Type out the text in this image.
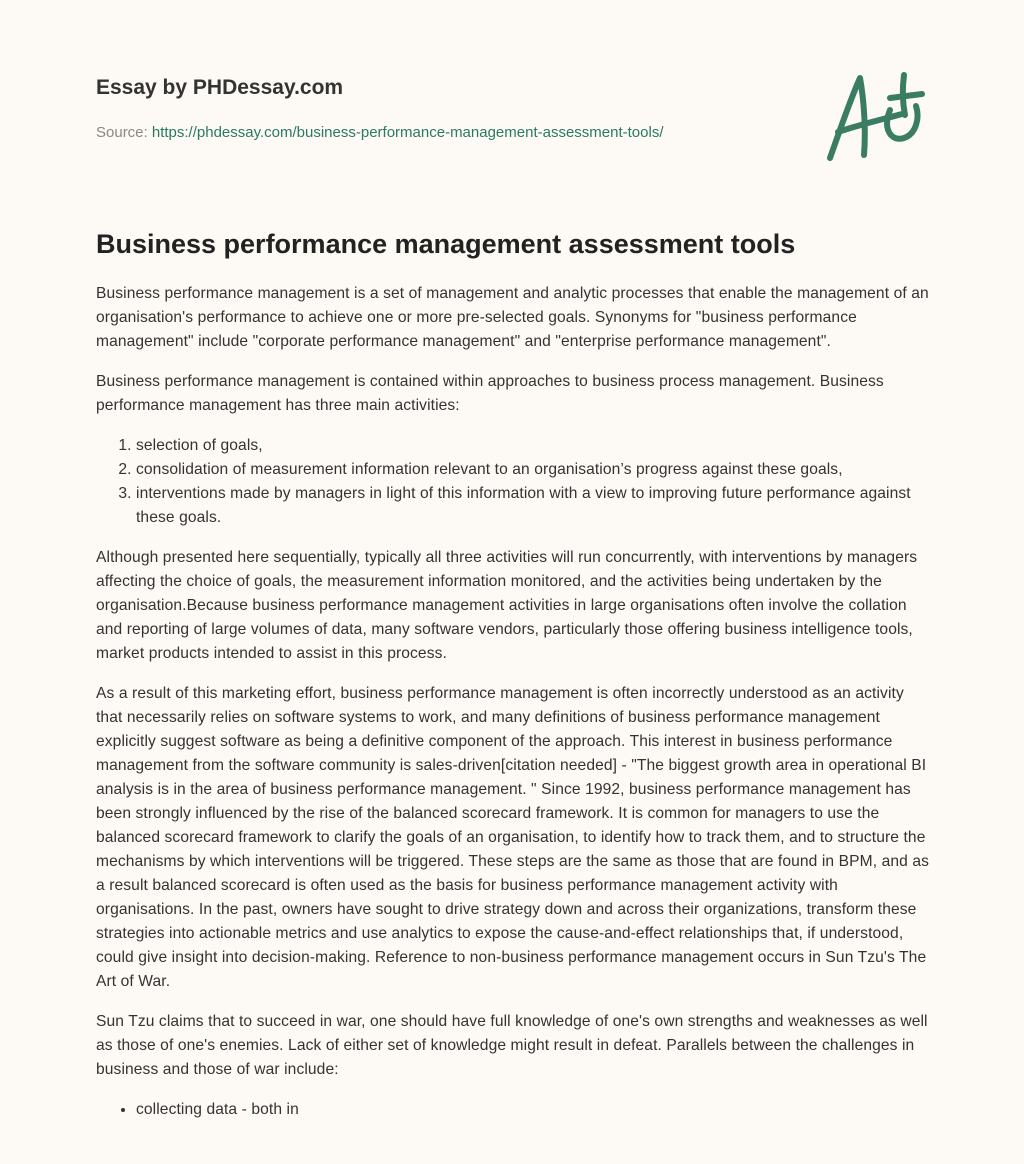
Essay by PHDessay.com
Source: https://phdessay.com/business-performance-management-assessment-tools/
Business performance management assessment tools

Business performance management is a set of management and analytic processes that enable the management of an organisation's performance to achieve one or more pre-selected goals. Synonyms for "business performance management" include "corporate performance management" and "enterprise performance management".

Business performance management is contained within approaches to business process management. Business performance management has three main activities:

1. selection of goals,
2. consolidation of measurement information relevant to an organisation’s progress against these goals,
3. interventions made by managers in light of this information with a view to improving future performance against these goals.

Although presented here sequentially, typically all three activities will run concurrently, with interventions by managers affecting the choice of goals, the measurement information monitored, and the activities being undertaken by the organisation.Because business performance management activities in large organisations often involve the collation and reporting of large volumes of data, many software vendors, particularly those offering business intelligence tools, market products intended to assist in this process.

As a result of this marketing effort, business performance management is often incorrectly understood as an activity that necessarily relies on software systems to work, and many definitions of business performance management explicitly suggest software as being a definitive component of the approach. This interest in business performance management from the software community is sales-driven[citation needed] - "The biggest growth area in operational BI analysis is in the area of business performance management. " Since 1992, business performance management has been strongly influenced by the rise of the balanced scorecard framework. It is common for managers to use the balanced scorecard framework to clarify the goals of an organisation, to identify how to track them, and to structure the mechanisms by which interventions will be triggered. These steps are the same as those that are found in BPM, and as a result balanced scorecard is often used as the basis for business performance management activity with organisations. In the past, owners have sought to drive strategy down and across their organizations, transform these strategies into actionable metrics and use analytics to expose the cause-and-effect relationships that, if understood, could give insight into decision-making. Reference to non-business performance management occurs in Sun Tzu's The Art of War.

Sun Tzu claims that to succeed in war, one should have full knowledge of one's own strengths and weaknesses as well as those of one's enemies. Lack of either set of knowledge might result in defeat. Parallels between the challenges in business and those of war include:

• collecting data - both in
